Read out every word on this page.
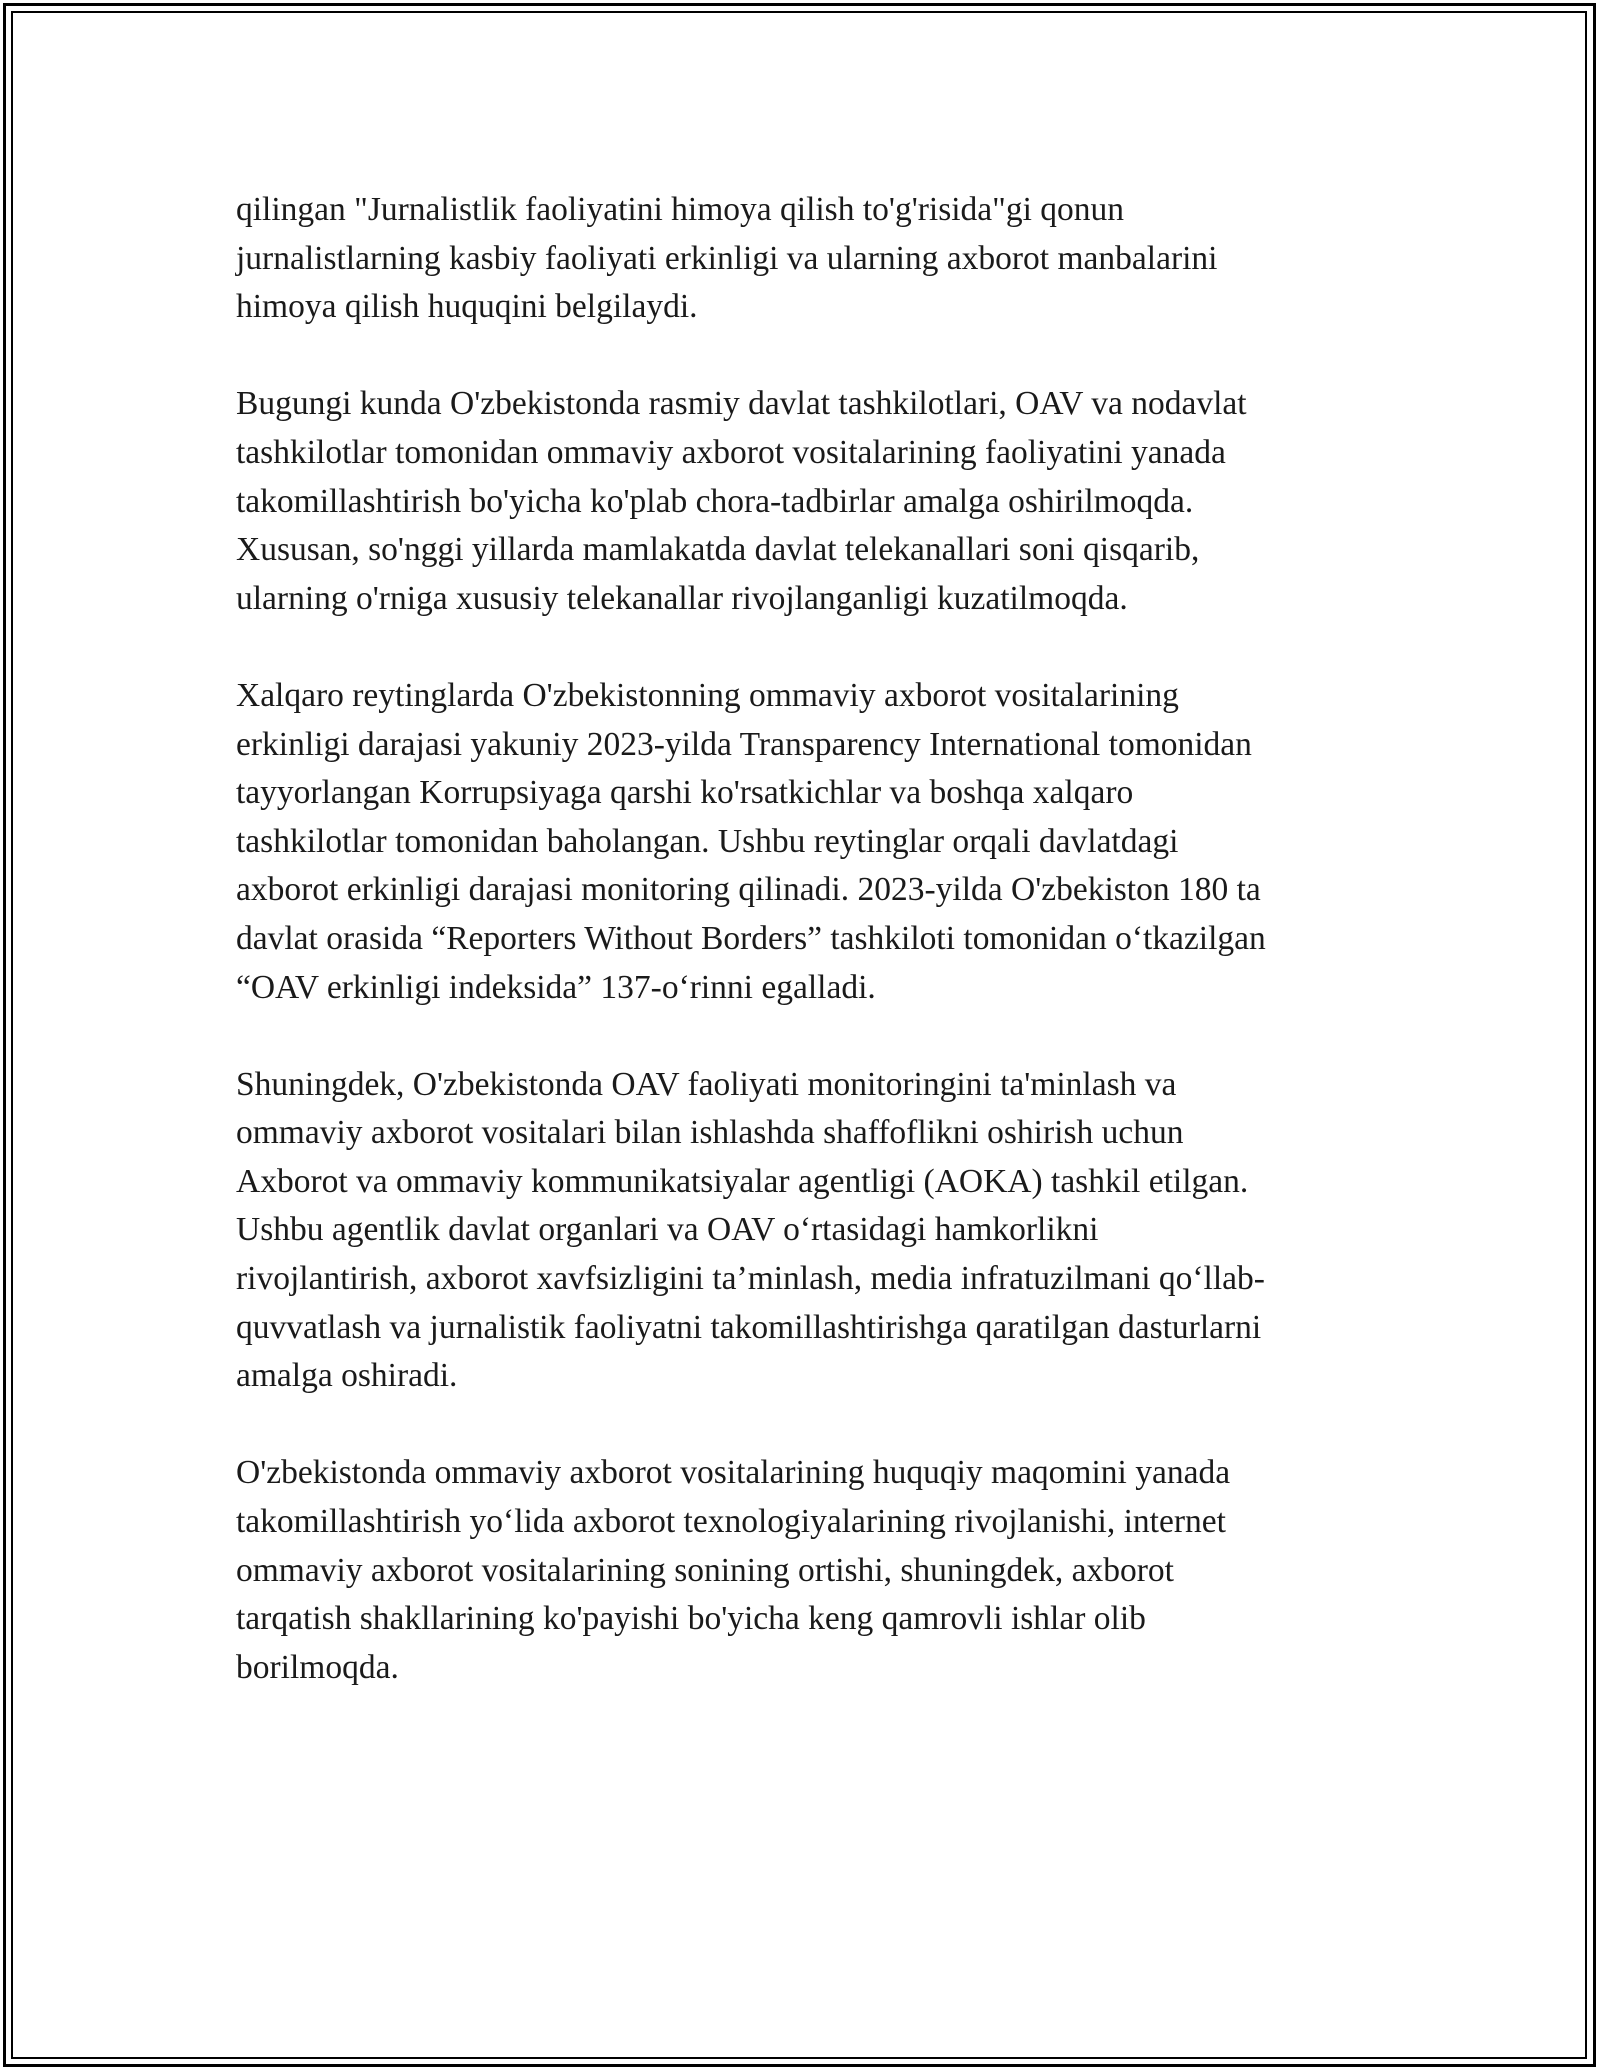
qilingan "Jurnalistlik faoliyatini himoya qilish to'g'risida"gi qonun
jurnalistlarning kasbiy faoliyati erkinligi va ularning axborot manbalarini
himoya qilish huquqini belgilaydi.

Bugungi kunda O'zbekistonda rasmiy davlat tashkilotlari, OAV va nodavlat
tashkilotlar tomonidan ommaviy axborot vositalarining faoliyatini yanada
takomillashtirish bo'yicha ko'plab chora-tadbirlar amalga oshirilmoqda.
Xususan, so'nggi yillarda mamlakatda davlat telekanallari soni qisqarib,
ularning o'rniga xususiy telekanallar rivojlanganligi kuzatilmoqda.

Xalqaro reytinglarda O'zbekistonning ommaviy axborot vositalarining
erkinligi darajasi yakuniy 2023-yilda Transparency International tomonidan
tayyorlangan Korrupsiyaga qarshi ko'rsatkichlar va boshqa xalqaro
tashkilotlar tomonidan baholangan. Ushbu reytinglar orqali davlatdagi
axborot erkinligi darajasi monitoring qilinadi. 2023-yilda O'zbekiston 180 ta
davlat orasida “Reporters Without Borders” tashkiloti tomonidan o‘tkazilgan
“OAV erkinligi indeksida” 137-o‘rinni egalladi.

Shuningdek, O'zbekistonda OAV faoliyati monitoringini ta'minlash va
ommaviy axborot vositalari bilan ishlashda shaffoflikni oshirish uchun
Axborot va ommaviy kommunikatsiyalar agentligi (AOKA) tashkil etilgan.
Ushbu agentlik davlat organlari va OAV o‘rtasidagi hamkorlikni
rivojlantirish, axborot xavfsizligini ta’minlash, media infratuzilmani qo‘llab-
quvvatlash va jurnalistik faoliyatni takomillashtirishga qaratilgan dasturlarni
amalga oshiradi.

O'zbekistonda ommaviy axborot vositalarining huquqiy maqomini yanada
takomillashtirish yo‘lida axborot texnologiyalarining rivojlanishi, internet
ommaviy axborot vositalarining sonining ortishi, shuningdek, axborot
tarqatish shakllarining ko'payishi bo'yicha keng qamrovli ishlar olib
borilmoqda.
